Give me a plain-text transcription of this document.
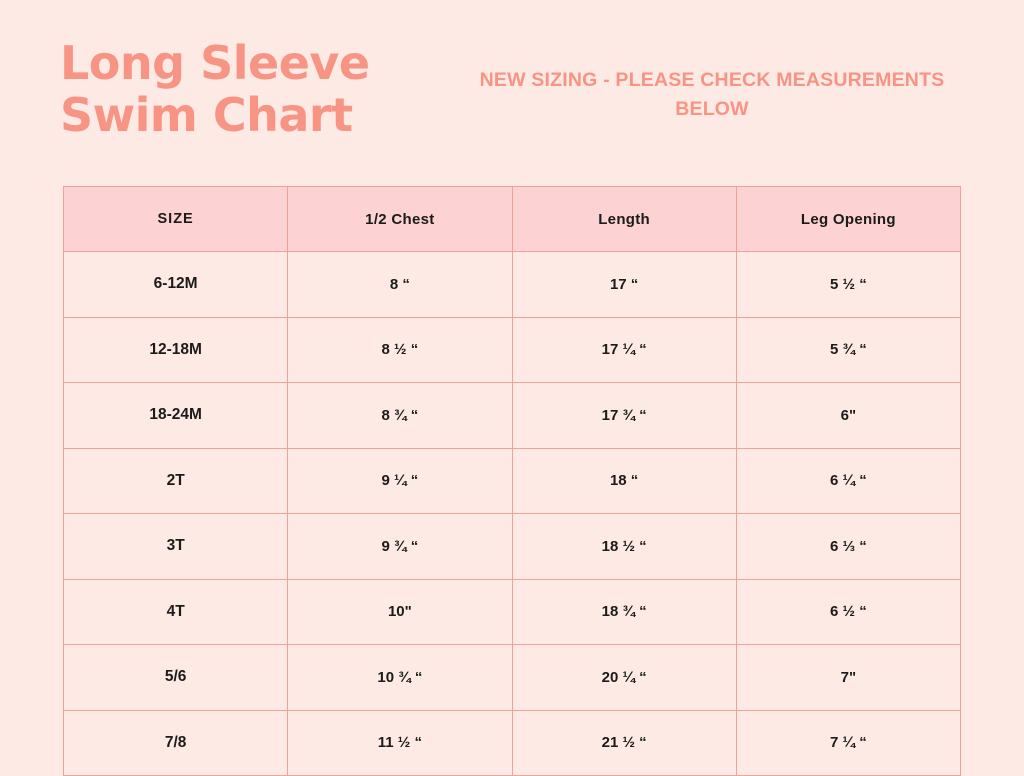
Long Sleeve
Swim Chart

NEW SIZING - PLEASE CHECK MEASUREMENTS BELOW

SIZE	1/2 Chest	Length	Leg Opening
6-12M	8 “	17 “	5 ½ “
12-18M	8 ½ “	17 ¼ “	5 ¾ “
18-24M	8 ¾ “	17 ¾ “	6"
2T	9 ¼ “	18 “	6 ¼ “
3T	9 ¾ “	18 ½ “	6 ⅓ “
4T	10"	18 ¾ “	6 ½ “
5/6	10 ¾ “	20 ¼ “	7"
7/8	11 ½ “	21 ½ “	7 ¼ “
